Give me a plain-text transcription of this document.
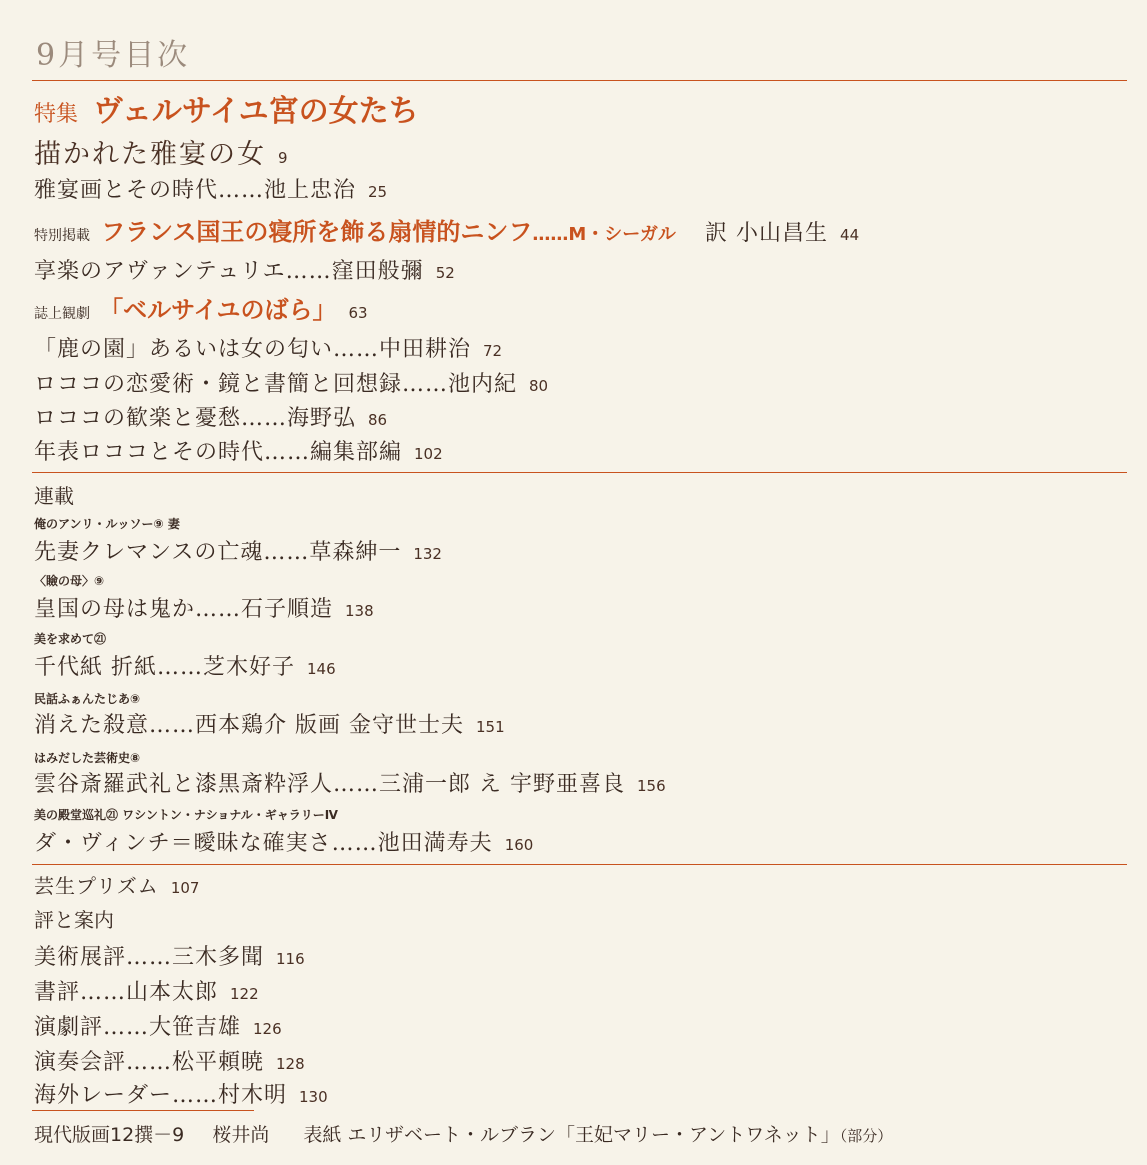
9月号目次
特集 ヴェルサイユ宮の女たち
描かれた雅宴の女 9
雅宴画とその時代……池上忠治 25
特別掲載 フランス国王の寝所を飾る扇情的ニンフ……M・シーガル 訳 小山昌生 44
享楽のアヴァンテュリエ……窪田般彌 52
誌上観劇 「ベルサイユのばら」 63
「鹿の園」あるいは女の匂い……中田耕治 72
ロココの恋愛術・鏡と書簡と回想録……池内紀 80
ロココの歓楽と憂愁……海野弘 86
年表ロココとその時代……編集部編 102
連載
俺のアンリ・ルッソー⑨ 妻
先妻クレマンスの亡魂……草森紳一 132
〈瞼の母〉⑨
皇国の母は鬼か……石子順造 138
美を求めて㉑
千代紙 折紙……芝木好子 146
民話ふぁんたじあ⑨
消えた殺意……西本鶏介 版画 金守世士夫 151
はみだした芸術史⑧
雲谷斎羅武礼と漆黒斎粋浮人……三浦一郎 え 宇野亜喜良 156
美の殿堂巡礼㉑ ワシントン・ナショナル・ギャラリーⅣ
ダ・ヴィンチ＝曖昧な確実さ……池田満寿夫 160
芸生プリズム 107
評と案内
美術展評……三木多聞 116
書評……山本太郎 122
演劇評……大笹吉雄 126
演奏会評……松平頼暁 128
海外レーダー……村木明 130
現代版画12撰－9 桜井尚 表紙 エリザベート・ルブラン「王妃マリー・アントワネット」（部分）
